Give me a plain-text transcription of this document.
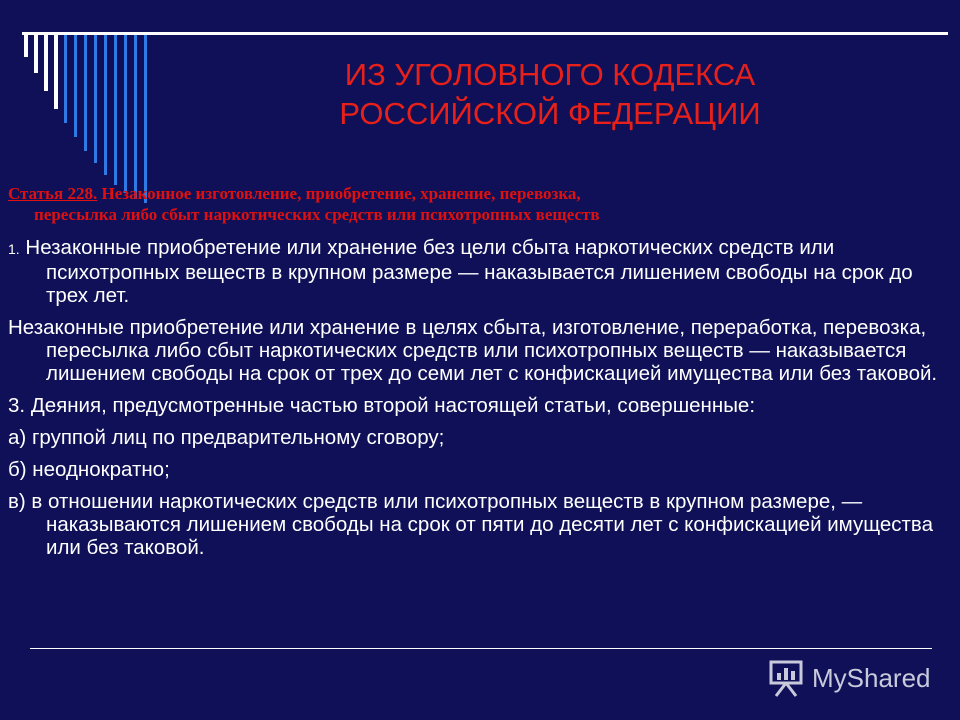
ИЗ УГОЛОВНОГО КОДЕКСА
РОССИЙСКОЙ ФЕДЕРАЦИИ
Статья 228. Незаконное изготовление, приобретение, хранение, перевозка,
пересылка либо сбыт наркотических средств или психотропных веществ
1. Незаконные приобретение или хранение без цели сбыта наркотических средств или психотропных веществ в крупном размере — наказывается лишением свободы на срок до трех лет.
Незаконные приобретение или хранение в целях сбыта, изготовление, переработка, перевозка, пересылка либо сбыт наркотических средств или психотропных веществ — наказывается лишением свободы на срок от трех до семи лет с конфискацией имущества или без таковой.
3. Деяния, предусмотренные частью второй настоящей статьи, совершенные:
а) группой лиц по предварительному сговору;
б) неоднократно;
в) в отношении наркотических средств или психотропных веществ в крупном размере, — наказываются лишением свободы на срок от пяти до десяти лет с конфискацией имущества или без таковой.
MyShared
